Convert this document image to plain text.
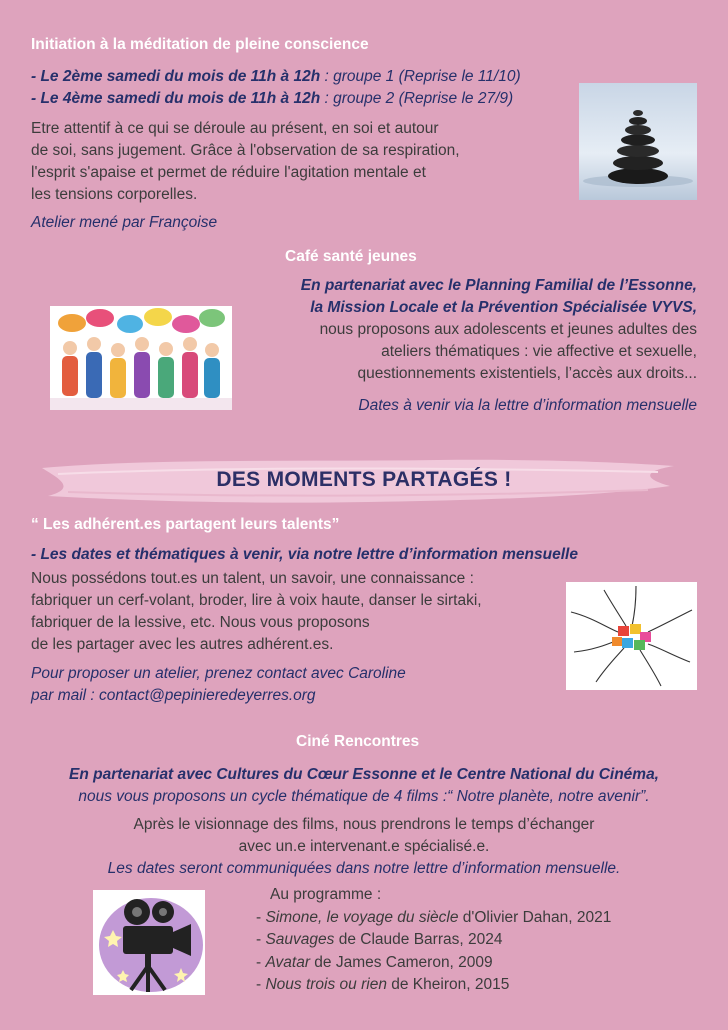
Initiation à la méditation de pleine conscience
- Le 2ème samedi du mois de 11h à 12h : groupe 1 (Reprise le 11/10)
- Le 4ème samedi du mois de 11h à 12h : groupe 2 (Reprise le 27/9)
Etre attentif à ce qui se déroule au présent, en soi et autour
de soi, sans jugement. Grâce à l'observation de sa respiration,
l'esprit s'apaise et permet de réduire l'agitation mentale et
les tensions corporelles.
Atelier mené par Françoise
Café santé jeunes
En partenariat avec le Planning Familial de l’Essonne,
la Mission Locale et la Prévention Spécialisée VYVS,
nous proposons aux adolescents et jeunes adultes des
ateliers thématiques : vie affective et sexuelle,
questionnements existentiels, l’accès aux droits...
Dates à venir via la lettre d’information mensuelle
DES MOMENTS PARTAGÉS !
“ Les adhérent.es partagent leurs talents”
- Les dates et thématiques à venir, via notre lettre d’information mensuelle
Nous possédons tout.es un talent, un savoir, une connaissance :
fabriquer un cerf-volant, broder, lire à voix haute, danser le sirtaki,
fabriquer de la lessive, etc. Nous vous proposons
de les partager avec les autres adhérent.es.
Pour proposer un atelier, prenez contact avec Caroline
par mail : contact@pepinieredeyerres.org
Ciné Rencontres
En partenariat avec Cultures du Cœur Essonne et le Centre National du Cinéma,
nous vous proposons un cycle thématique de 4 films :“ Notre planète, notre avenir”.
Après le visionnage des films, nous prendrons le temps d’échanger
avec un.e intervenant.e spécialisé.e.
Les dates seront communiquées dans notre lettre d’information mensuelle.
Au programme :
- Simone, le voyage du siècle d'Olivier Dahan, 2021
- Sauvages de Claude Barras, 2024
- Avatar de James Cameron, 2009
- Nous trois ou rien de Kheiron, 2015
